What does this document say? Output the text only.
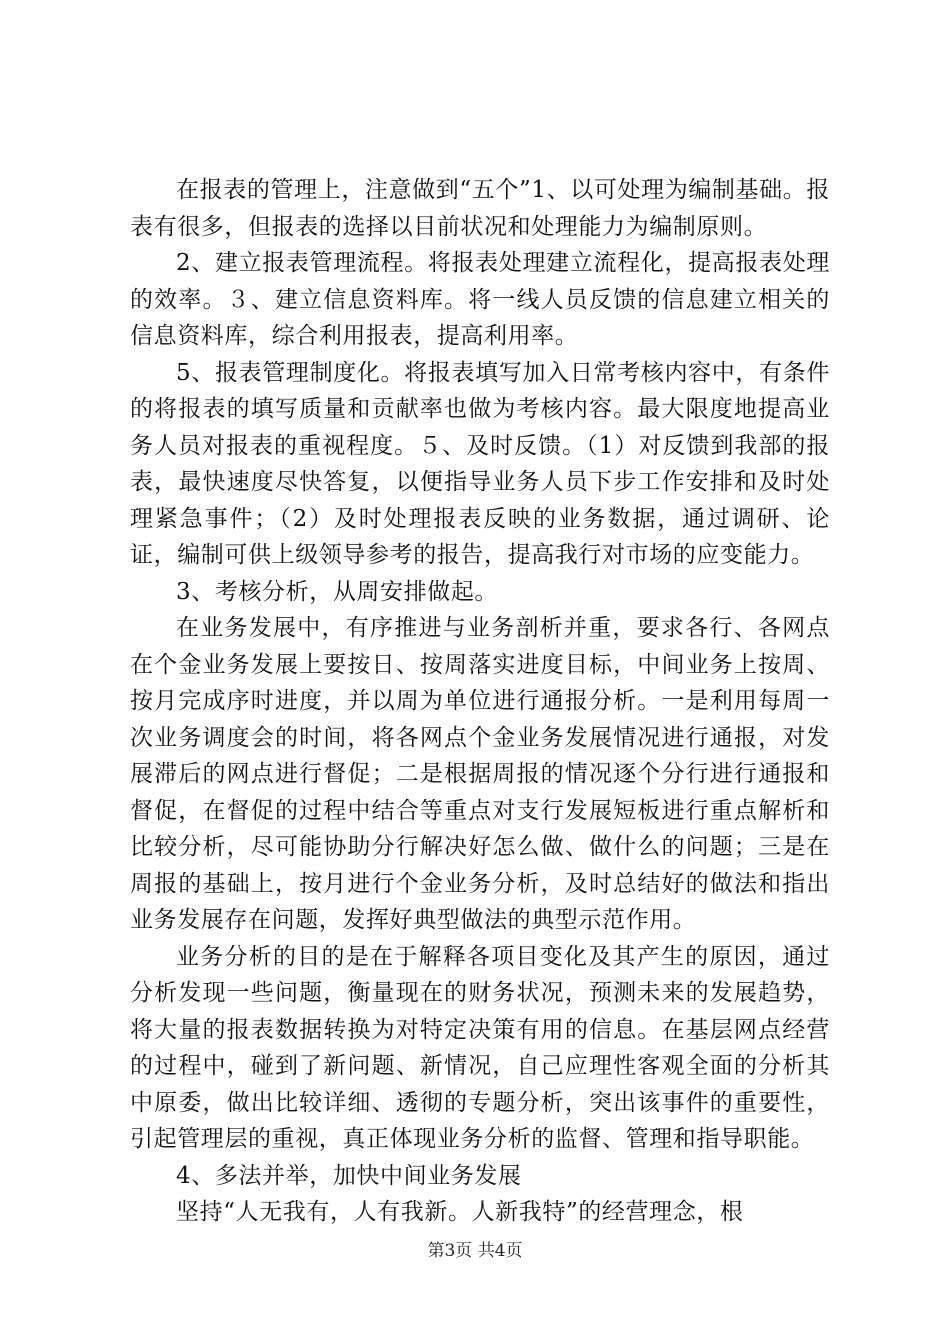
在报表的管理上，注意做到“五个”1、以可处理为编制基础。报表有很多，但报表的选择以目前状况和处理能力为编制原则。

2、建立报表管理流程。将报表处理建立流程化，提高报表处理的效率。３、建立信息资料库。将一线人员反馈的信息建立相关的信息资料库，综合利用报表，提高利用率。

5、报表管理制度化。将报表填写加入日常考核内容中，有条件的将报表的填写质量和贡献率也做为考核内容。最大限度地提高业务人员对报表的重视程度。５、及时反馈。（1）对反馈到我部的报表，最快速度尽快答复，以便指导业务人员下步工作安排和及时处理紧急事件；（2）及时处理报表反映的业务数据，通过调研、论证，编制可供上级领导参考的报告，提高我行对市场的应变能力。

3、考核分析，从周安排做起。

在业务发展中，有序推进与业务剖析并重，要求各行、各网点在个金业务发展上要按日、按周落实进度目标，中间业务上按周、按月完成序时进度，并以周为单位进行通报分析。一是利用每周一次业务调度会的时间，将各网点个金业务发展情况进行通报，对发展滞后的网点进行督促；二是根据周报的情况逐个分行进行通报和督促，在督促的过程中结合等重点对支行发展短板进行重点解析和比较分析，尽可能协助分行解决好怎么做、做什么的问题；三是在周报的基础上，按月进行个金业务分析，及时总结好的做法和指出业务发展存在问题，发挥好典型做法的典型示范作用。

业务分析的目的是在于解释各项目变化及其产生的原因，通过分析发现一些问题，衡量现在的财务状况，预测未来的发展趋势，将大量的报表数据转换为对特定决策有用的信息。在基层网点经营的过程中，碰到了新问题、新情况，自己应理性客观全面的分析其中原委，做出比较详细、透彻的专题分析，突出该事件的重要性，引起管理层的重视，真正体现业务分析的监督、管理和指导职能。

4、多法并举，加快中间业务发展

坚持“人无我有，人有我新。人新我特”的经营理念，根

第3页 共4页
